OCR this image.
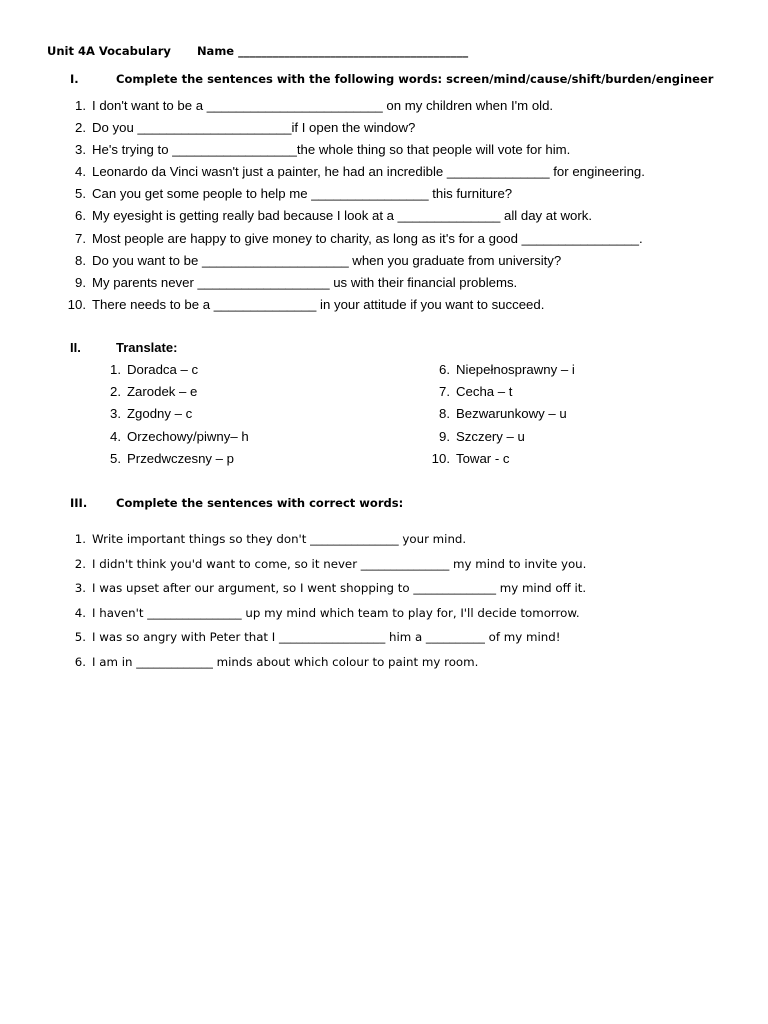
Unit 4A Vocabulary Name ________________________________________
I.	Complete the sentences with the following words: screen/mind/cause/shift/burden/engineer
1. I don't want to be a ________________________ on my children when I'm old.
2. Do you _____________________if I open the window?
3. He's trying to _________________the whole thing so that people will vote for him.
4. Leonardo da Vinci wasn't just a painter, he had an incredible ______________ for engineering.
5. Can you get some people to help me ________________ this furniture?
6. My eyesight is getting really bad because I look at a ______________ all day at work.
7. Most people are happy to give money to charity, as long as it's for a good ________________.
8. Do you want to be ____________________ when you graduate from university?
9. My parents never __________________ us with their financial problems.
10. There needs to be a ______________ in your attitude if you want to succeed.
II.	Translate:
1. Doradca – c
2. Zarodek – e
3. Zgodny – c
4. Orzechowy/piwny– h
5. Przedwczesny – p
6. Niepełnosprawny – i
7. Cecha – t
8. Bezwarunkowy – u
9. Szczery – u
10. Towar - c
III.	Complete the sentences with correct words:
1. Write important things so they don't _______________ your mind.
2. I didn't think you'd want to come, so it never _______________ my mind to invite you.
3. I was upset after our argument, so I went shopping to ______________ my mind off it.
4. I haven't ________________ up my mind which team to play for, I'll decide tomorrow.
5. I was so angry with Peter that I __________________ him a __________ of my mind!
6. I am in _____________ minds about which colour to paint my room.
